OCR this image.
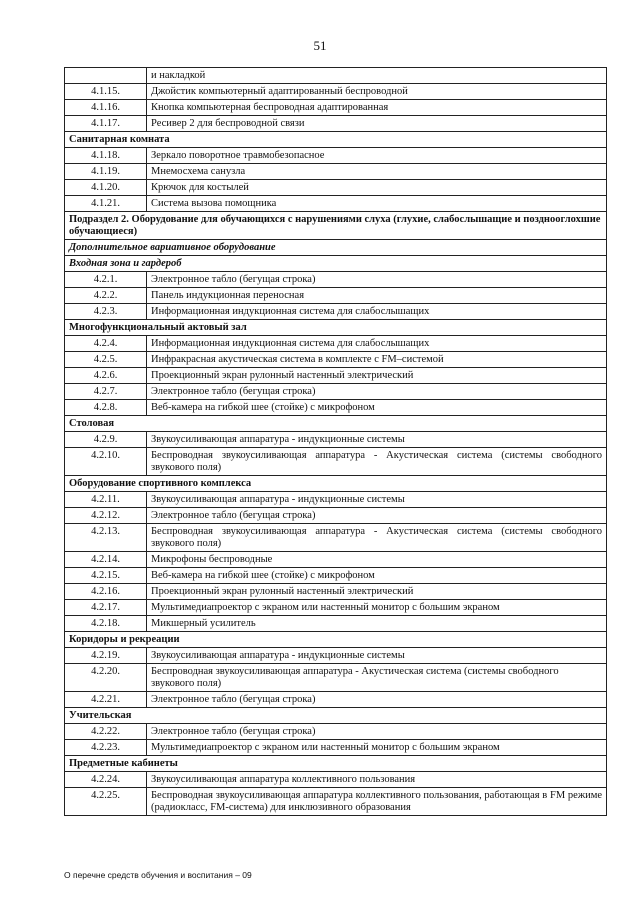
51
	и накладкой
4.1.15.	Джойстик компьютерный адаптированный беспроводной
4.1.16.	Кнопка компьютерная беспроводная адаптированная
4.1.17.	Ресивер 2 для беспроводной связи
Санитарная комната	
4.1.18.	Зеркало поворотное травмобезопасное
4.1.19.	Мнемосхема санузла
4.1.20.	Крючок для костылей
4.1.21.	Система вызова помощника
Подраздел 2. Оборудование для обучающихся с нарушениями слуха (глухие, слабослышащие и позднооглохшие обучающиеся)	
Дополнительное вариативное оборудование	
Входная зона и гардероб	
4.2.1.	Электронное табло (бегущая строка)
4.2.2.	Панель индукционная переносная
4.2.3.	Информационная индукционная система для слабослышащих
Многофункциональный актовый зал	
4.2.4.	Информационная индукционная система для слабослышащих
4.2.5.	Инфракрасная акустическая система в комплекте с FM–системой
4.2.6.	Проекционный экран рулонный настенный электрический
4.2.7.	Электронное табло (бегущая строка)
4.2.8.	Веб-камера на гибкой шее (стойке) с микрофоном
Столовая	
4.2.9.	Звукоусиливающая аппаратура - индукционные системы
4.2.10.	Беспроводная звукоусиливающая аппаратура - Акустическая система (системы свободного звукового поля)
Оборудование спортивного комплекса	
4.2.11.	Звукоусиливающая аппаратура - индукционные системы
4.2.12.	Электронное табло (бегущая строка)
4.2.13.	Беспроводная звукоусиливающая аппаратура - Акустическая система (системы свободного звукового поля)
4.2.14.	Микрофоны беспроводные
4.2.15.	Веб-камера на гибкой шее (стойке) с микрофоном
4.2.16.	Проекционный экран рулонный настенный электрический
4.2.17.	Мультимедиапроектор с экраном или настенный монитор с большим экраном
4.2.18.	Микшерный усилитель
Коридоры и рекреации	
4.2.19.	Звукоусиливающая аппаратура - индукционные системы
4.2.20.	Беспроводная звукоусиливающая аппаратура - Акустическая система (системы свободного звукового поля)
4.2.21.	Электронное табло (бегущая строка)
Учительская	
4.2.22.	Электронное табло (бегущая строка)
4.2.23.	Мультимедиапроектор с экраном или настенный монитор с большим экраном
Предметные кабинеты	
4.2.24.	Звукоусиливающая аппаратура коллективного пользования
4.2.25.	Беспроводная звукоусиливающая аппаратура коллективного пользования, работающая в FM режиме (радиокласс, FM-система) для инклюзивного образования
О перечне средств обучения и воспитания – 09
